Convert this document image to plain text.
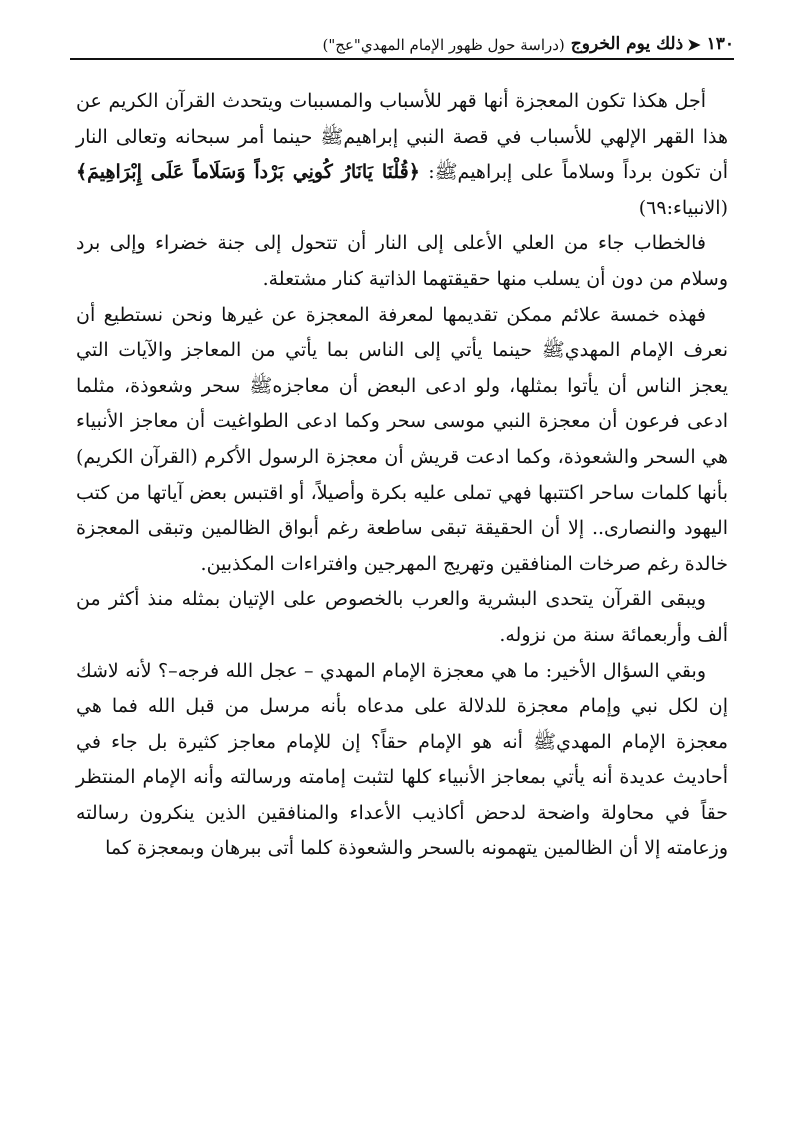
١٣٠
➤
ذلك يوم الخروج
(دراسة حول ظهور الإمام المهدي"عج")

أجل هكذا تكون المعجزة أنها قهر للأسباب والمسببات ويتحدث القرآن الكريم عن هذا القهر الإلهي للأسباب في قصة النبي إبراهيمﷺ حينما أمر سبحانه وتعالى النار أن تكون برداً وسلاماً على إبراهيمﷺ: ﴿قُلْنَا يَانَارُ كُونِي بَرْداً وَسَلَاماً عَلَى إِبْرَاهِيمَ﴾(الانبياء:٦٩)

فالخطاب جاء من العلي الأعلى إلى النار أن تتحول إلى جنة خضراء وإلى برد وسلام من دون أن يسلب منها حقيقتهما الذاتية كنار مشتعلة.

فهذه خمسة علائم ممكن تقديمها لمعرفة المعجزة عن غيرها ونحن نستطيع أن نعرف الإمام المهديﷺ حينما يأتي إلى الناس بما يأتي من المعاجز والآيات التي يعجز الناس أن يأتوا بمثلها، ولو ادعى البعض أن معاجزهﷺ سحر وشعوذة، مثلما ادعى فرعون أن معجزة النبي موسى سحر وكما ادعى الطواغيت أن معاجز الأنبياء هي السحر والشعوذة، وكما ادعت قريش أن معجزة الرسول الأكرم (القرآن الكريم) بأنها كلمات ساحر اكتتبها فهي تملى عليه بكرة وأصيلاً، أو اقتبس بعض آياتها من كتب اليهود والنصارى.. إلا أن الحقيقة تبقى ساطعة رغم أبواق الظالمين وتبقى المعجزة خالدة رغم صرخات المنافقين وتهريج المهرجين وافتراءات المكذبين.

ويبقى القرآن يتحدى البشرية والعرب بالخصوص على الإتيان بمثله منذ أكثر من ألف وأربعمائة سنة من نزوله.

وبقي السؤال الأخير: ما هي معجزة الإمام المهدي – عجل الله فرجه–؟ لأنه لاشك إن لكل نبي وإمام معجزة للدلالة على مدعاه بأنه مرسل من قبل الله فما هي معجزة الإمام المهديﷺ أنه هو الإمام حقاً؟ إن للإمام معاجز كثيرة بل جاء في أحاديث عديدة أنه يأتي بمعاجز الأنبياء كلها لتثبت إمامته ورسالته وأنه الإمام المنتظر حقاً في محاولة واضحة لدحض أكاذيب الأعداء والمنافقين الذين ينكرون رسالته وزعامته إلا أن الظالمين يتهمونه بالسحر والشعوذة كلما أتى ببرهان وبمعجزة كما
